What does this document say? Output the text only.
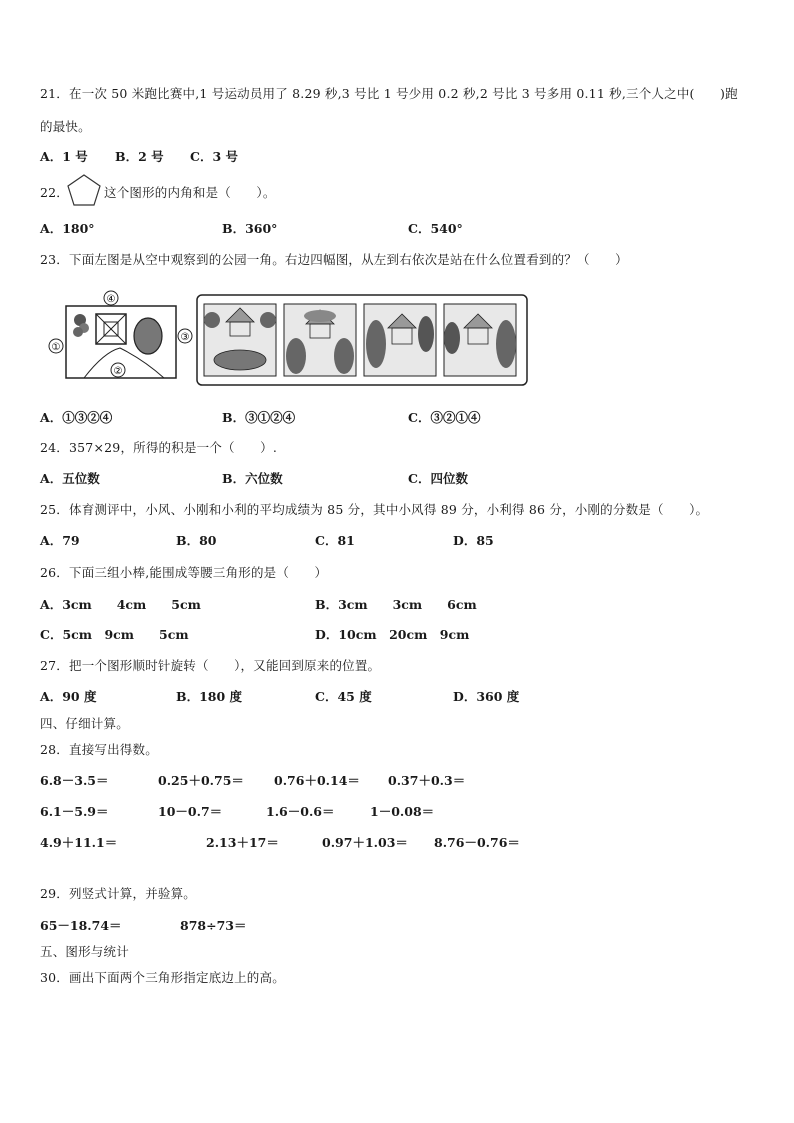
21．在一次 50 米跑比赛中,1 号运动员用了 8.29 秒,3 号比 1 号少用 0.2 秒,2 号比 3 号多用 0.11 秒,三个人之中(　　)跑
的最快。
A．1 号 B．2 号 C．3 号
22．	这个图形的内角和是（　　）。
A．180°	B．360°	C．540°
23．下面左图是从空中观察到的公园一角。右边四幅图，从左到右依次是站在什么位置看到的？（　　）
④
①
②
③
A．①③②④	B．③①②④	C．③②①④
24．357×29，所得的积是一个（　　）.
A．五位数	B．六位数	C．四位数
25．体育测评中，小风、小刚和小利的平均成绩为 85 分，其中小风得 89 分，小利得 86 分，小刚的分数是（　　）。
A．79	B．80	C．81	D．85
26．下面三组小棒,能围成等腰三角形的是（　　）
A．3cm　　4cm　　5cm	B．3cm　　3cm　　6cm
C．5cm　9cm　　5cm	D．10cm　20cm　9cm
27．把一个图形顺时针旋转（　　），又能回到原来的位置。
A．90 度	B．180 度	C．45 度	D．360 度
四、仔细计算。
28．直接写出得数。
6.8－3.5＝	0.25＋0.75＝ 0.76＋0.14＝ 0.37＋0.3＝
6.1－5.9＝	10－0.7＝	1.6－0.6＝	1－0.08＝
4.9＋11.1＝	2.13＋17＝	0.97＋1.03＝ 8.76－0.76＝
29．列竖式计算，并验算。
65－18.74＝	878÷73＝
五、图形与统计
30．画出下面两个三角形指定底边上的高。
